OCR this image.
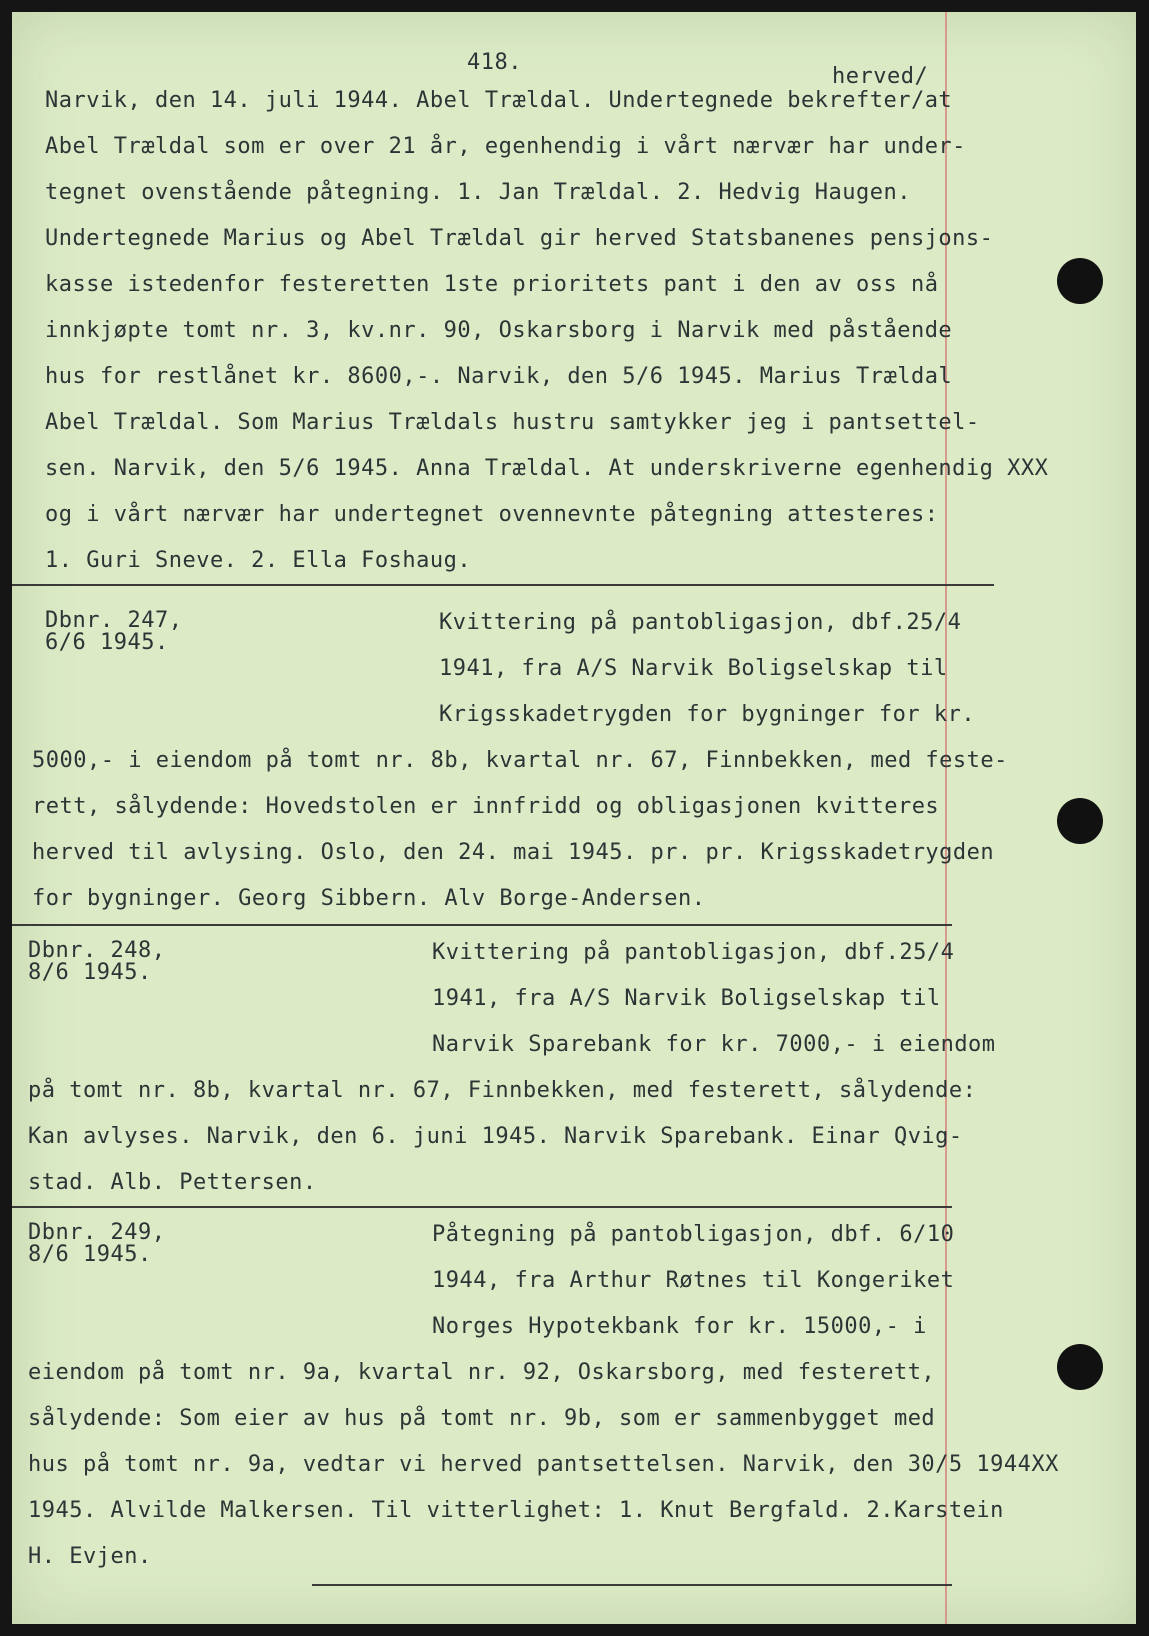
418.
herved/
Narvik, den 14. juli 1944. Abel Trældal. Undertegnede bekrefter/at
Abel Trældal som er over 21 år, egenhendig i vårt nærvær har under-
tegnet ovenstående påtegning. 1. Jan Trældal. 2. Hedvig Haugen.
Undertegnede Marius og Abel Trældal gir herved Statsbanenes pensjons-
kasse istedenfor festeretten 1ste prioritets pant i den av oss nå
innkjøpte tomt nr. 3, kv.nr. 90, Oskarsborg i Narvik med påstående
hus for restlånet kr. 8600,-. Narvik, den 5/6 1945. Marius Trældal
Abel Trældal. Som Marius Trældals hustru samtykker jeg i pantsettel-
sen. Narvik, den 5/6 1945. Anna Trældal. At underskriverne egenhendig XXX
og i vårt nærvær har undertegnet ovennevnte påtegning attesteres:
1. Guri Sneve. 2. Ella Foshaug.
Dbnr. 247,
6/6 1945.
Kvittering på pantobligasjon, dbf.25/4
1941, fra A/S Narvik Boligselskap til
Krigsskadetrygden for bygninger for kr.
5000,- i eiendom på tomt nr. 8b, kvartal nr. 67, Finnbekken, med feste-
rett, sålydende: Hovedstolen er innfridd og obligasjonen kvitteres
herved til avlysing. Oslo, den 24. mai 1945. pr. pr. Krigsskadetrygden
for bygninger. Georg Sibbern. Alv Borge-Andersen.
Dbnr. 248,
8/6 1945.
Kvittering på pantobligasjon, dbf.25/4
1941, fra A/S Narvik Boligselskap til
Narvik Sparebank for kr. 7000,- i eiendom
på tomt nr. 8b, kvartal nr. 67, Finnbekken, med festerett, sålydende:
Kan avlyses. Narvik, den 6. juni 1945. Narvik Sparebank. Einar Qvig-
stad. Alb. Pettersen.
Dbnr. 249,
8/6 1945.
Påtegning på pantobligasjon, dbf. 6/10
1944, fra Arthur Røtnes til Kongeriket
Norges Hypotekbank for kr. 15000,- i
eiendom på tomt nr. 9a, kvartal nr. 92, Oskarsborg, med festerett,
sålydende: Som eier av hus på tomt nr. 9b, som er sammenbygget med
hus på tomt nr. 9a, vedtar vi herved pantsettelsen. Narvik, den 30/5 1944XX
1945. Alvilde Malkersen. Til vitterlighet: 1. Knut Bergfald. 2.Karstein
H. Evjen.
